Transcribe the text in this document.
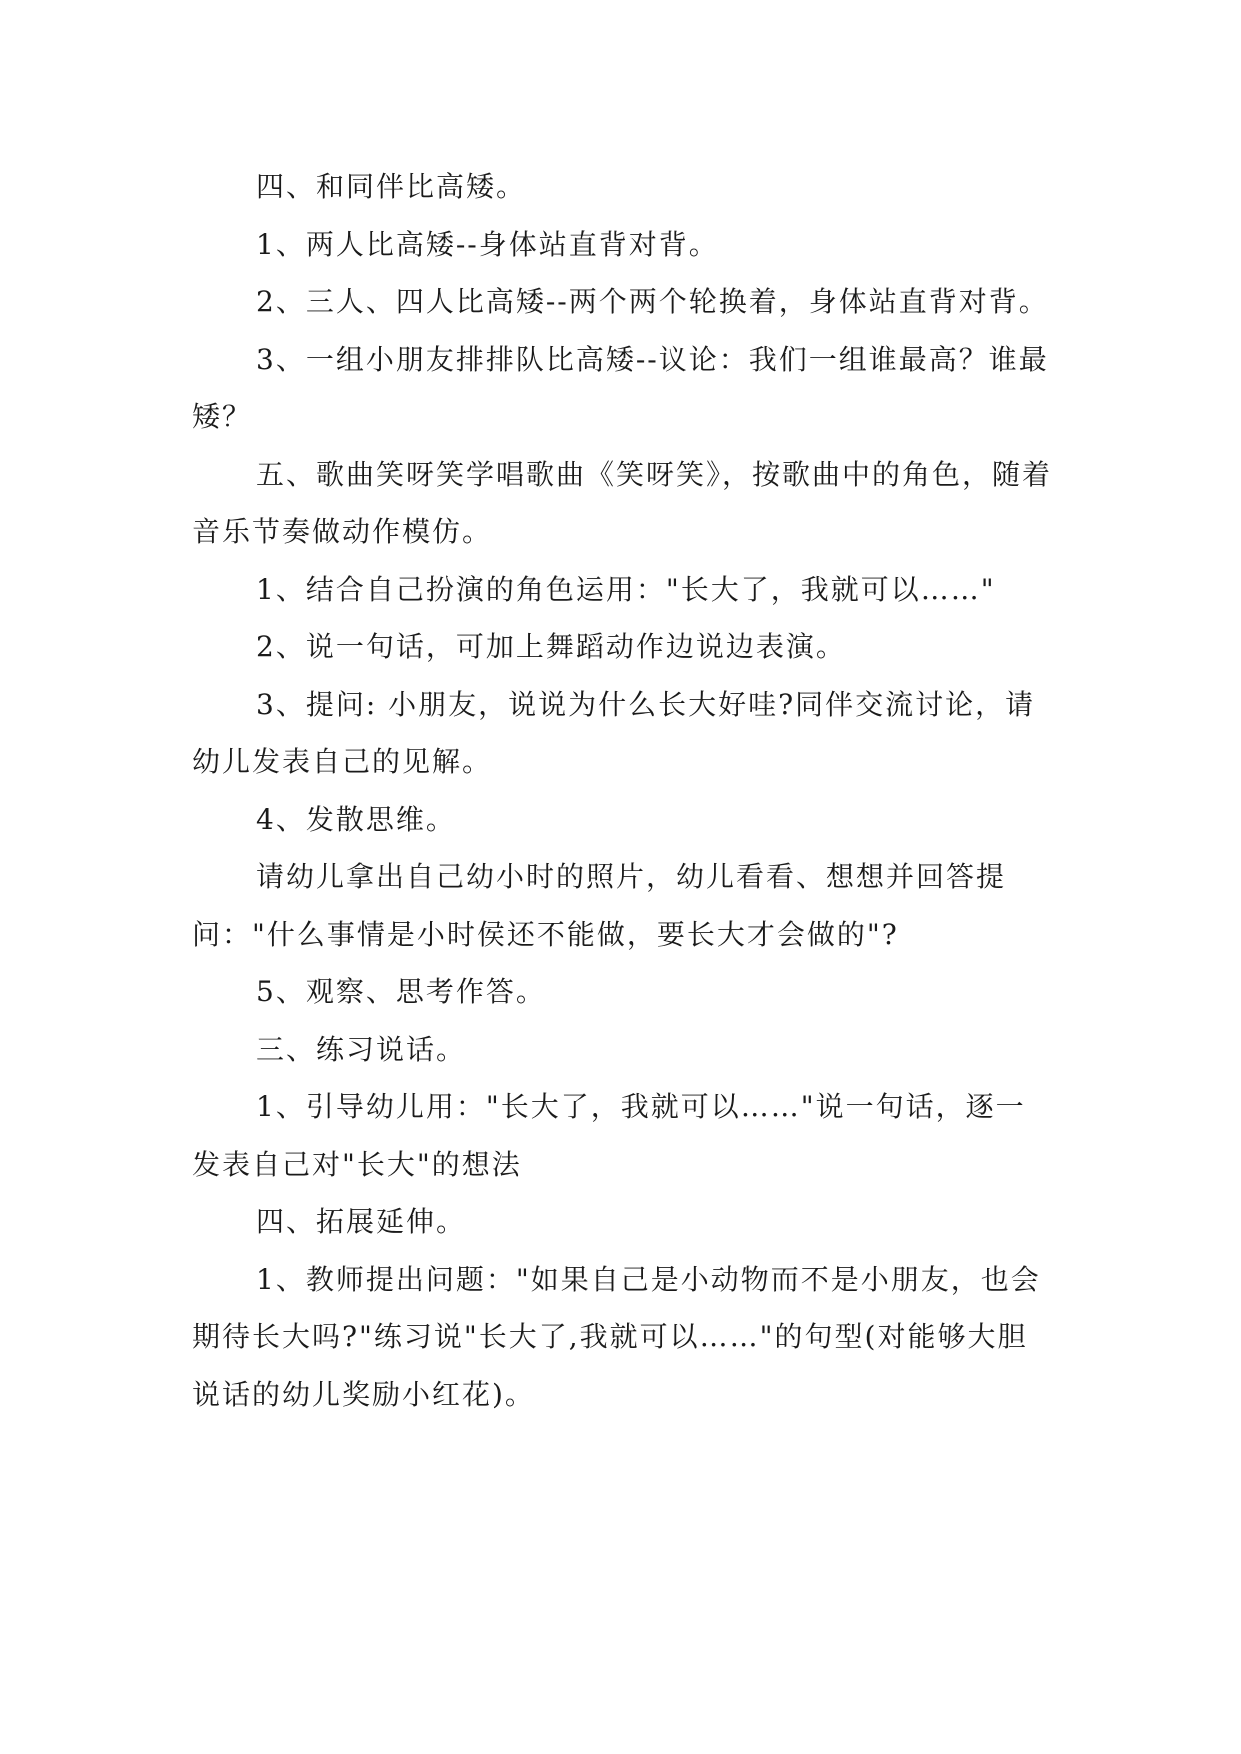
四、和同伴比高矮。

1、两人比高矮--身体站直背对背。

2、三人、四人比高矮--两个两个轮换着，身体站直背对背。

3、一组小朋友排排队比高矮--议论：我们一组谁最高？谁最矮？

五、歌曲笑呀笑学唱歌曲《笑呀笑》，按歌曲中的角色，随着音乐节奏做动作模仿。

1、结合自己扮演的角色运用："长大了，我就可以……"

2、说一句话，可加上舞蹈动作边说边表演。

3、提问: 小朋友，说说为什么长大好哇?同伴交流讨论，请幼儿发表自己的见解。

4、发散思维。

请幼儿拿出自己幼小时的照片，幼儿看看、想想并回答提问："什么事情是小时侯还不能做，要长大才会做的"?

5、观察、思考作答。

三、练习说话。

1、引导幼儿用："长大了，我就可以……"说一句话，逐一发表自己对"长大"的想法

四、拓展延伸。

1、教师提出问题："如果自己是小动物而不是小朋友，也会期待长大吗?"练习说"长大了,我就可以……"的句型(对能够大胆说话的幼儿奖励小红花)。
